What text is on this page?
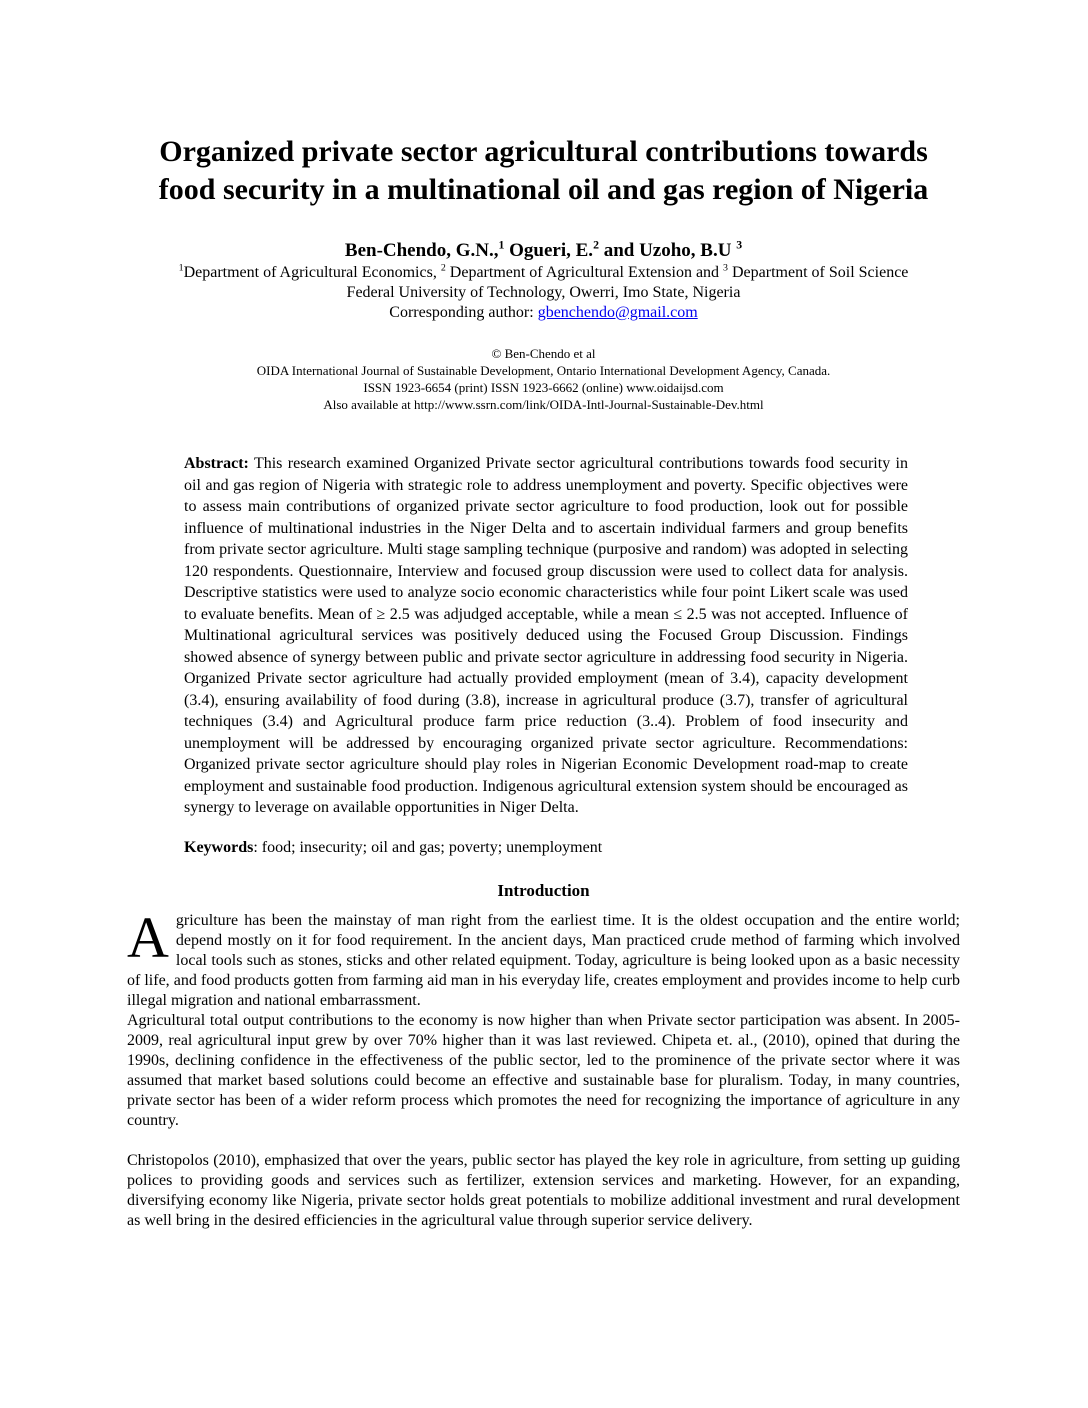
Organized private sector agricultural contributions towards
food security in a multinational oil and gas region of Nigeria
Ben-Chendo, G.N.,$^1$ Ogueri, E.$^2$ and Uzoho, B.U $^3$
$^1$Department of Agricultural Economics, $^2$ Department of Agricultural Extension and $^3$ Department of Soil Science
Federal University of Technology, Owerri, Imo State, Nigeria
Corresponding author: gbenchendo@gmail.com
© Ben-Chendo et al
OIDA International Journal of Sustainable Development, Ontario International Development Agency, Canada.
ISSN 1923-6654 (print) ISSN 1923-6662 (online) www.oidaijsd.com
Also available at http://www.ssrn.com/link/OIDA-Intl-Journal-Sustainable-Dev.html
Abstract: This research examined Organized Private sector agricultural contributions towards food security in oil and gas region of Nigeria with strategic role to address unemployment and poverty. Specific objectives were to assess main contributions of organized private sector agriculture to food production, look out for possible influence of multinational industries in the Niger Delta and to ascertain individual farmers and group benefits from private sector agriculture. Multi stage sampling technique (purposive and random) was adopted in selecting 120 respondents. Questionnaire, Interview and focused group discussion were used to collect data for analysis. Descriptive statistics were used to analyze socio economic characteristics while four point Likert scale was used to evaluate benefits. Mean of ≥ 2.5 was adjudged acceptable, while a mean ≤ 2.5 was not accepted. Influence of Multinational agricultural services was positively deduced using the Focused Group Discussion. Findings showed absence of synergy between public and private sector agriculture in addressing food security in Nigeria. Organized Private sector agriculture had actually provided employment (mean of 3.4), capacity development (3.4), ensuring availability of food during (3.8), increase in agricultural produce (3.7), transfer of agricultural techniques (3.4) and Agricultural produce farm price reduction (3..4). Problem of food insecurity and unemployment will be addressed by encouraging organized private sector agriculture. Recommendations: Organized private sector agriculture should play roles in Nigerian Economic Development road-map to create employment and sustainable food production. Indigenous agricultural extension system should be encouraged as synergy to leverage on available opportunities in Niger Delta.
Keywords: food; insecurity; oil and gas; poverty; unemployment
Introduction
Agriculture has been the mainstay of man right from the earliest time. It is the oldest occupation and the entire world; depend mostly on it for food requirement. In the ancient days, Man practiced crude method of farming which involved local tools such as stones, sticks and other related equipment. Today, agriculture is being looked upon as a basic necessity of life, and food products gotten from farming aid man in his everyday life, creates employment and provides income to help curb illegal migration and national embarrassment.
Agricultural total output contributions to the economy is now higher than when Private sector participation was absent. In 2005-2009, real agricultural input grew by over 70% higher than it was last reviewed. Chipeta et. al., (2010), opined that during the 1990s, declining confidence in the effectiveness of the public sector, led to the prominence of the private sector where it was assumed that market based solutions could become an effective and sustainable base for pluralism. Today, in many countries, private sector has been of a wider reform process which promotes the need for recognizing the importance of agriculture in any country.
Christopolos (2010), emphasized that over the years, public sector has played the key role in agriculture, from setting up guiding polices to providing goods and services such as fertilizer, extension services and marketing. However, for an expanding, diversifying economy like Nigeria, private sector holds great potentials to mobilize additional investment and rural development as well bring in the desired efficiencies in the agricultural value through superior service delivery.
